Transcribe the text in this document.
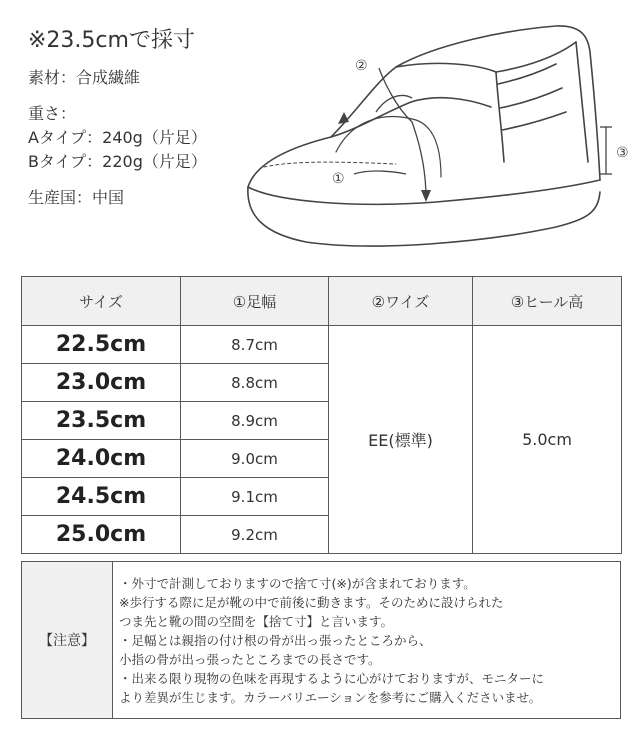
※23.5cmで採寸
素材：合成繊維
重さ：
Aタイプ：240g（片足）
Bタイプ：220g（片足）
生産国：中国
②
①
③
サイズ	①足幅	②ワイズ	③ヒール高
22.5cm	8.7cm	EE(標準)	5.0cm
23.0cm	8.8cm		
23.5cm	8.9cm		
24.0cm	9.0cm		
24.5cm	9.1cm		
25.0cm	9.2cm		
【注意】	
・外寸で計測しておりますので捨て寸(※)が含まれております。
※歩行する際に足が靴の中で前後に動きます。そのために設けられた
つま先と靴の間の空間を【捨て寸】と言います。
・足幅とは親指の付け根の骨が出っ張ったところから、
小指の骨が出っ張ったところまでの長さです。
・出来る限り現物の色味を再現するように心がけておりますが、モニターに
より差異が生じます。カラーバリエーションを参考にご購入くださいませ。
